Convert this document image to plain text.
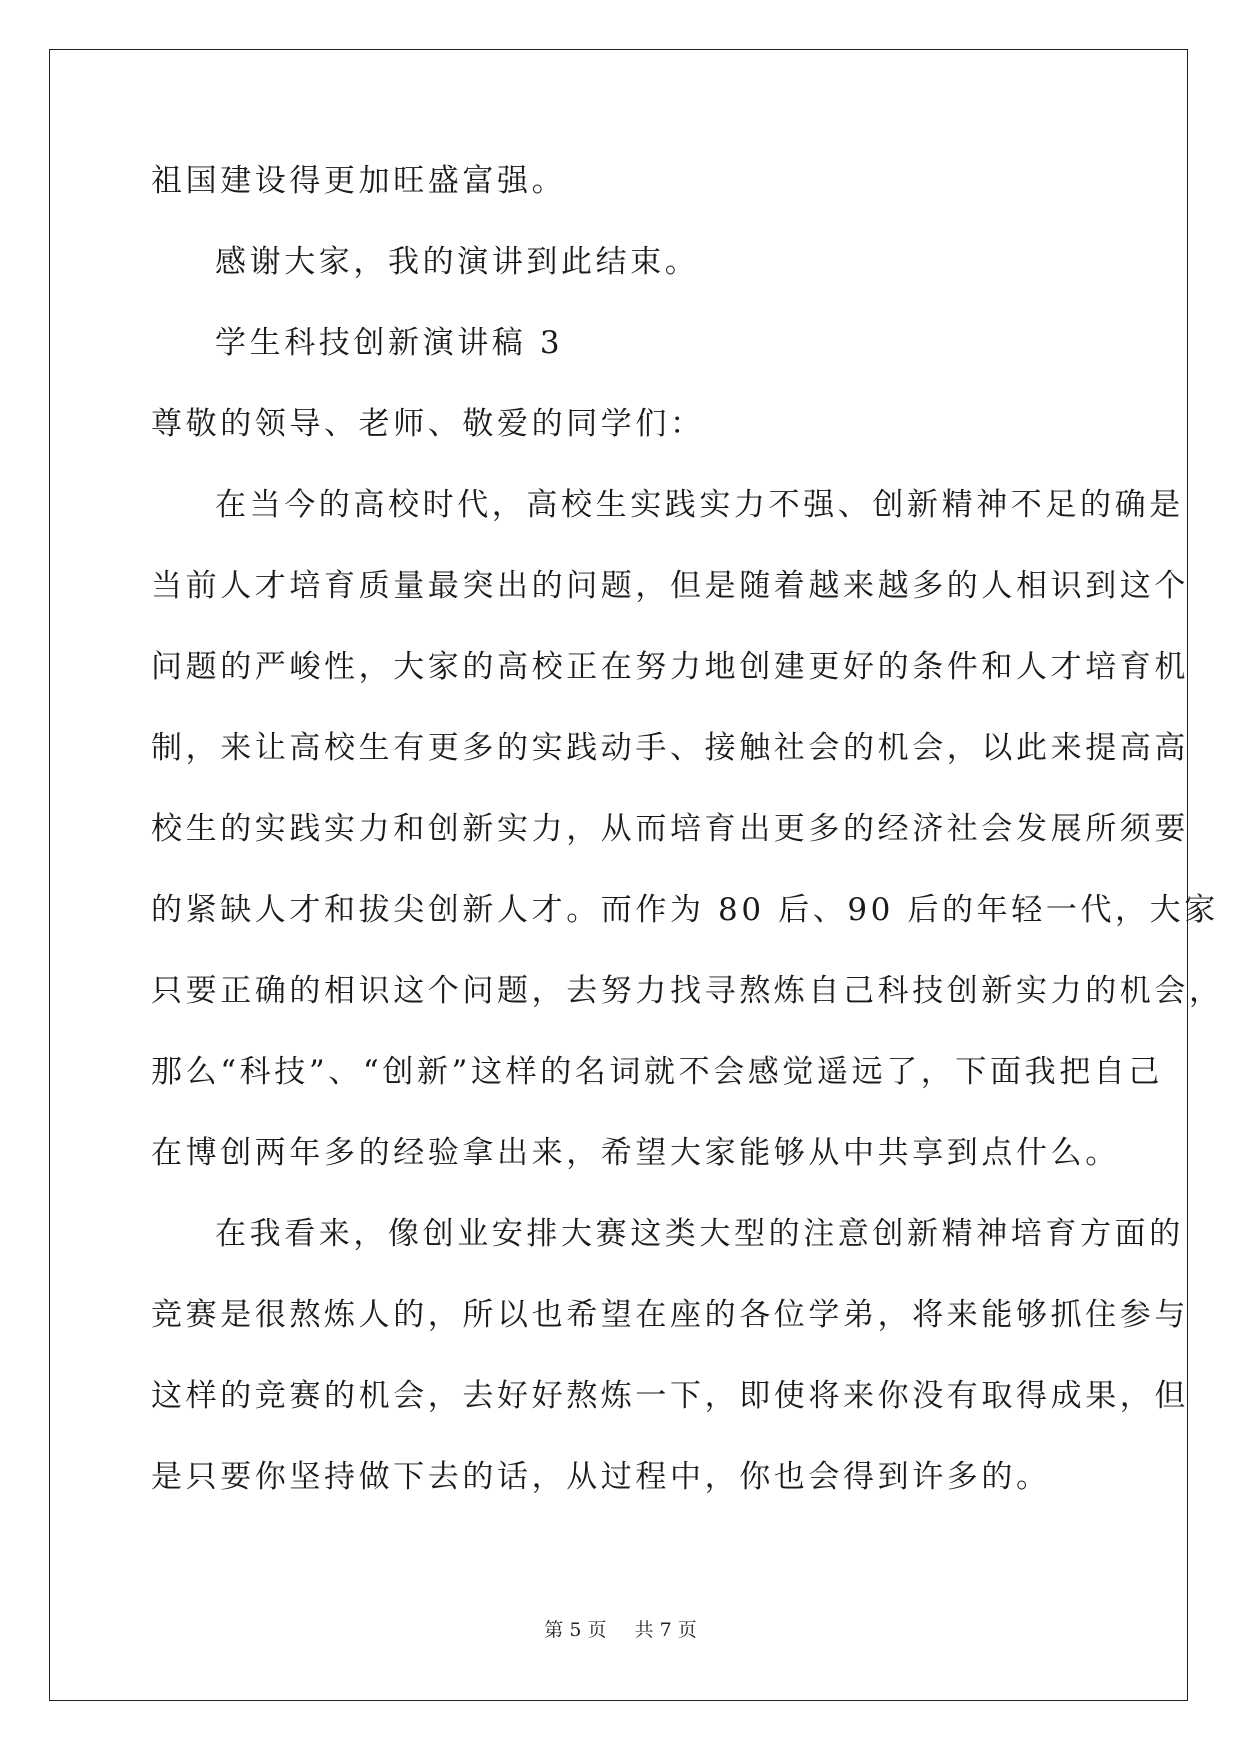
祖国建设得更加旺盛富强。
感谢大家，我的演讲到此结束。
学生科技创新演讲稿 3
尊敬的领导、老师、敬爱的同学们：
在当今的高校时代，高校生实践实力不强、创新精神不足的确是
当前人才培育质量最突出的问题，但是随着越来越多的人相识到这个
问题的严峻性，大家的高校正在努力地创建更好的条件和人才培育机
制，来让高校生有更多的实践动手、接触社会的机会，以此来提高高
校生的实践实力和创新实力，从而培育出更多的经济社会发展所须要
的紧缺人才和拔尖创新人才。而作为 80 后、90 后的年轻一代，大家
只要正确的相识这个问题，去努力找寻熬炼自己科技创新实力的机会，
那么“科技”、“创新”这样的名词就不会感觉遥远了，下面我把自己
在博创两年多的经验拿出来，希望大家能够从中共享到点什么。
在我看来，像创业安排大赛这类大型的注意创新精神培育方面的
竞赛是很熬炼人的，所以也希望在座的各位学弟，将来能够抓住参与
这样的竞赛的机会，去好好熬炼一下，即使将来你没有取得成果，但
是只要你坚持做下去的话，从过程中，你也会得到许多的。
第 5 页 共 7 页
